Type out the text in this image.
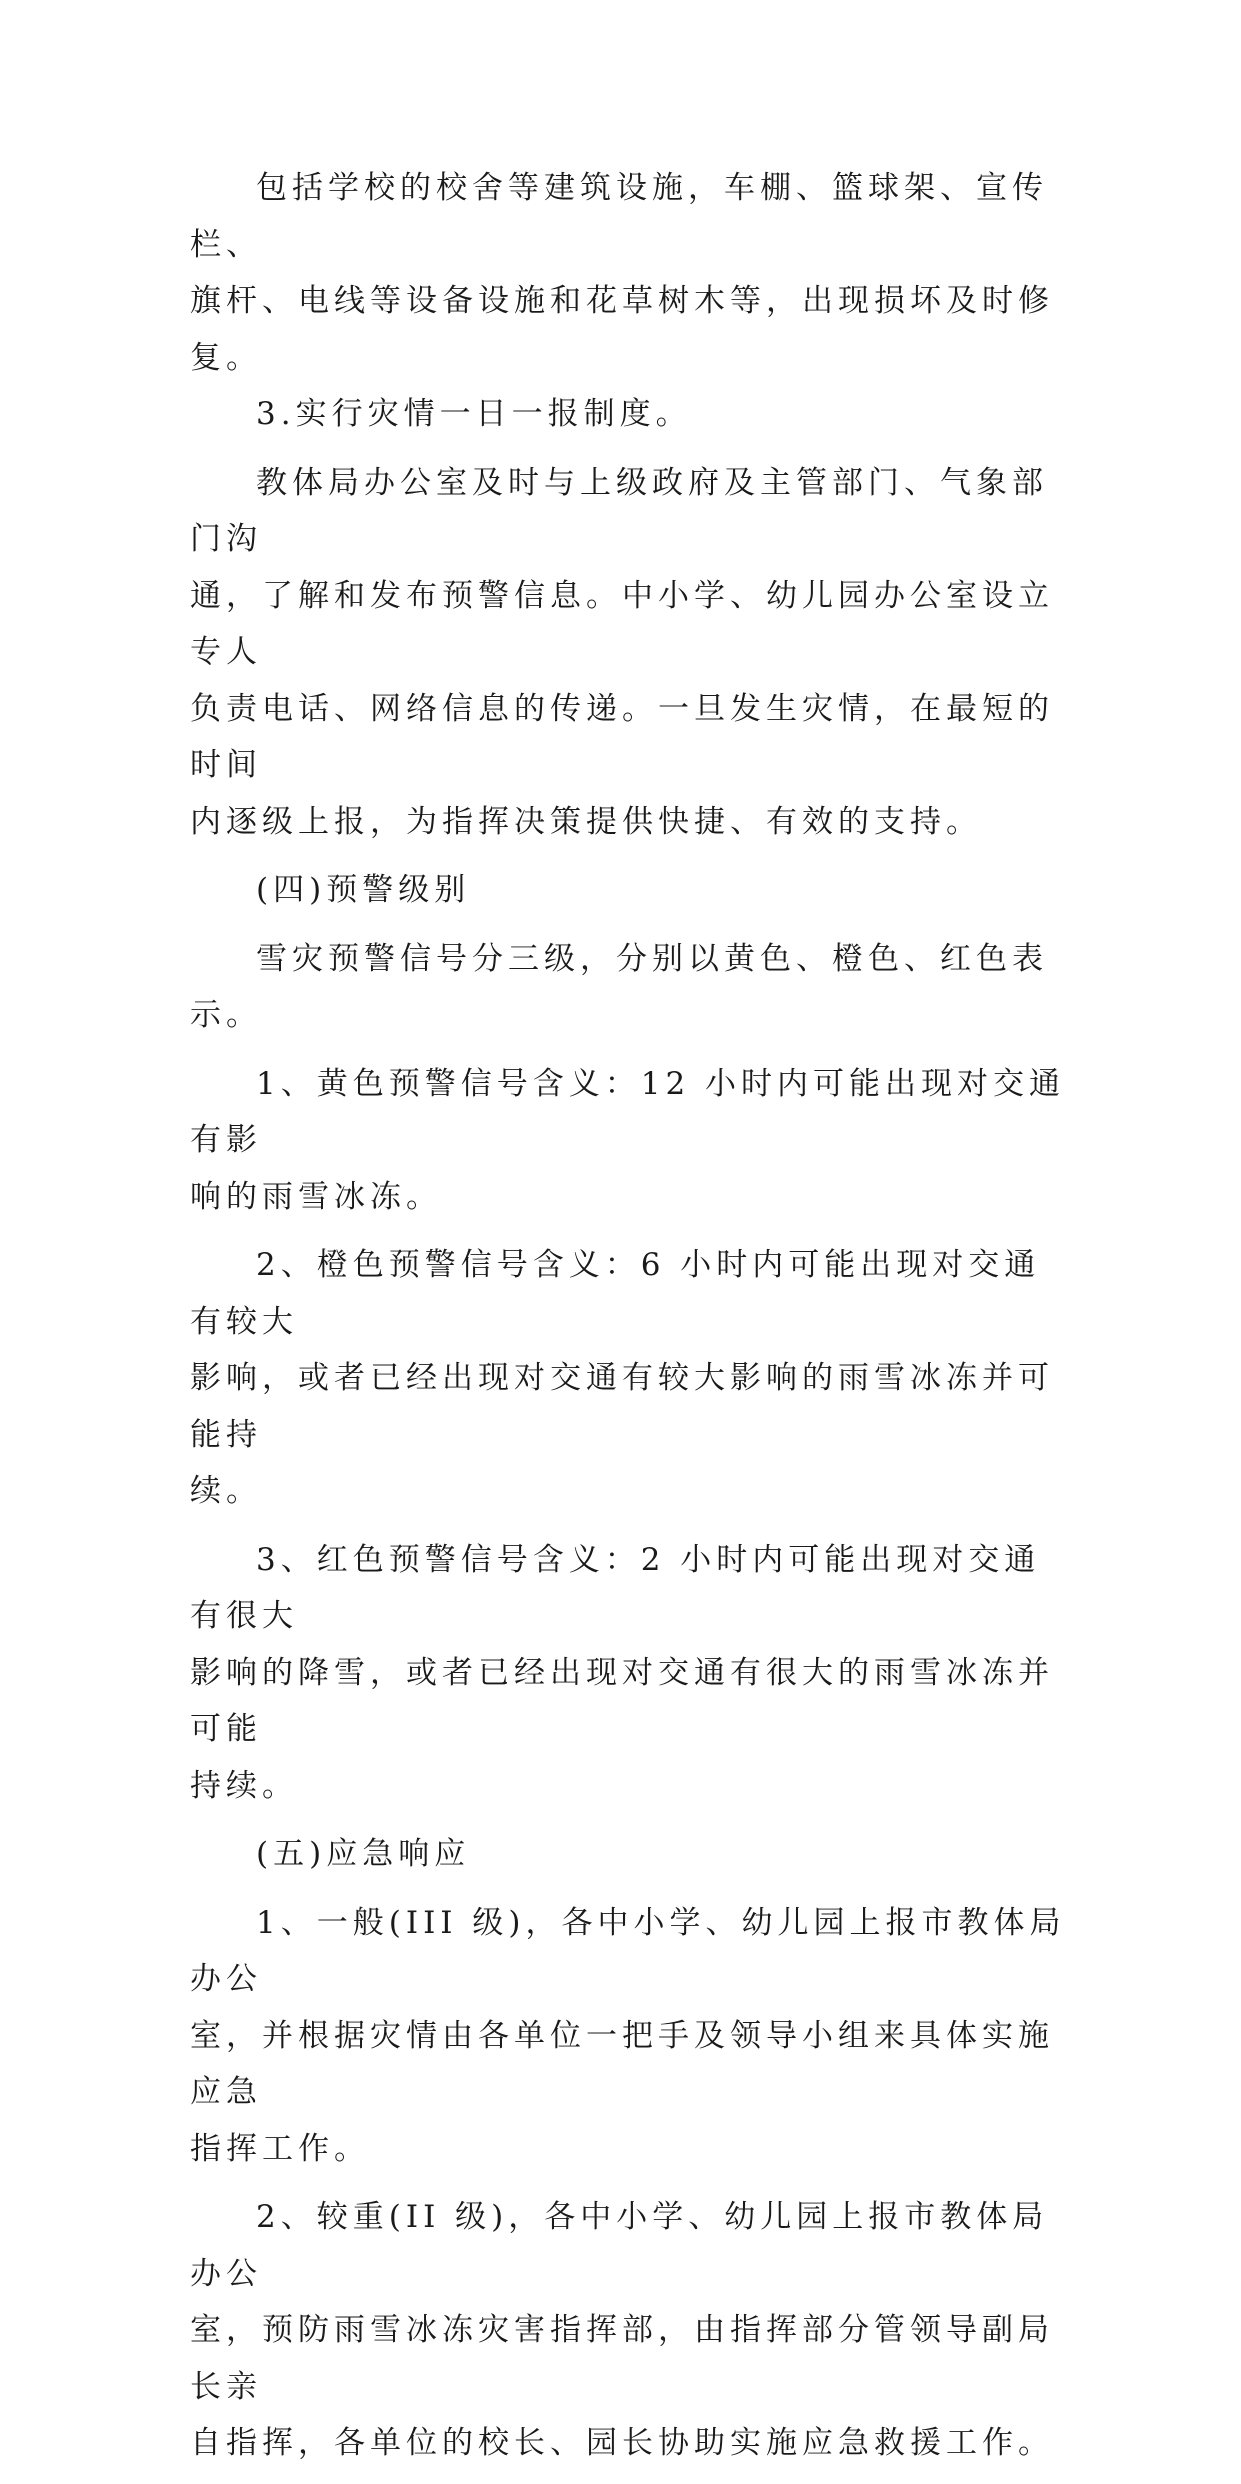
包括学校的校舍等建筑设施，车棚、篮球架、宣传栏、
旗杆、电线等设备设施和花草树木等，出现损坏及时修复。

3.实行灾情一日一报制度。

教体局办公室及时与上级政府及主管部门、气象部门沟
通，了解和发布预警信息。中小学、幼儿园办公室设立专人
负责电话、网络信息的传递。一旦发生灾情，在最短的时间
内逐级上报，为指挥决策提供快捷、有效的支持。

(四)预警级别

雪灾预警信号分三级，分别以黄色、橙色、红色表示。

1、黄色预警信号含义：12 小时内可能出现对交通有影
响的雨雪冰冻。

2、橙色预警信号含义：6 小时内可能出现对交通有较大
影响，或者已经出现对交通有较大影响的雨雪冰冻并可能持
续。

3、红色预警信号含义：2 小时内可能出现对交通有很大
影响的降雪，或者已经出现对交通有很大的雨雪冰冻并可能
持续。

(五)应急响应

1、一般(III 级)，各中小学、幼儿园上报市教体局办公
室，并根据灾情由各单位一把手及领导小组来具体实施应急
指挥工作。

2、较重(II 级)，各中小学、幼儿园上报市教体局办公
室，预防雨雪冰冻灾害指挥部，由指挥部分管领导副局长亲
自指挥，各单位的校长、园长协助实施应急救援工作。
